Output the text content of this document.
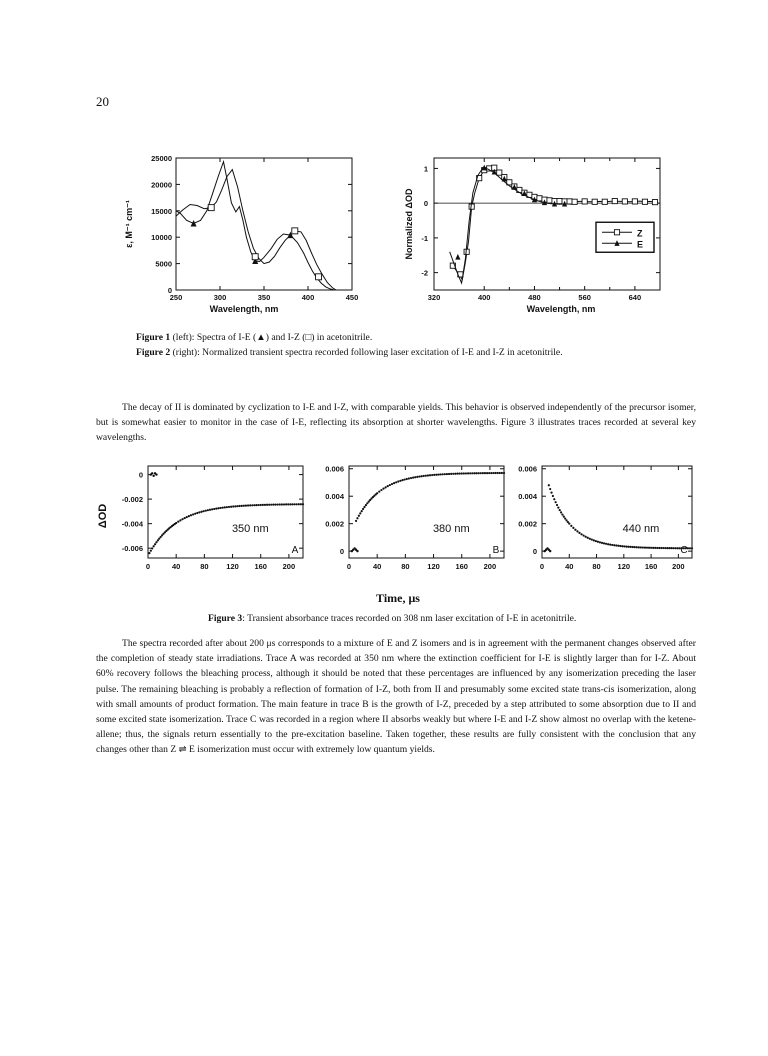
20
250	300	350	400	450
0
5000
10000
15000
20000
25000
Wavelength, nm
ε, M⁻¹ cm⁻¹
320	400	480	560	640
-2
-1
0
1
Wavelength, nm
Normalized ΔOD	Z
E
Figure 1 (left): Spectra of I-E (▲) and I-Z (□) in acetonitrile.
Figure 2 (right): Normalized transient spectra recorded following laser excitation of I-E and I-Z in acetonitrile.
The decay of II is dominated by cyclization to I-E and I-Z, with comparable yields. This behavior is observed independently of the precursor isomer, but is somewhat easier to monitor in the case of I-E, reflecting its absorption at shorter wavelengths. Figure 3 illustrates traces recorded at several key wavelengths.
0	40	80 120 160 200
0
-0.002
-0.004
-0.006
350 nm
A
0	40	80 120 160 200
0
0.002
0.004
0.006
380 nm
B
0	40	80 120 160 200
0
0.002
0.004
0.006
440 nm
C
ΔOD
Time, μs
Figure 3: Transient absorbance traces recorded on 308 nm laser excitation of I-E in acetonitrile.
The spectra recorded after about 200 μs corresponds to a mixture of E and Z isomers and is in agreement with the permanent changes observed after the completion of steady state irradiations. Trace A was recorded at 350 nm where the extinction coefficient for I-E is slightly larger than for I-Z. About 60% recovery follows the bleaching process, although it should be noted that these percentages are influenced by any isomerization preceding the laser pulse. The remaining bleaching is probably a reflection of formation of I-Z, both from II and presumably some excited state trans-cis isomerization, along with small amounts of product formation. The main feature in trace B is the growth of I-Z, preceded by a step attributed to some absorption due to II and some excited state isomerization. Trace C was recorded in a region where II absorbs weakly but where I-E and I-Z show almost no overlap with the ketene-allene; thus, the signals return essentially to the pre-excitation baseline. Taken together, these results are fully consistent with the conclusion that any changes other than Z ⇌ E isomerization must occur with extremely low quantum yields.
